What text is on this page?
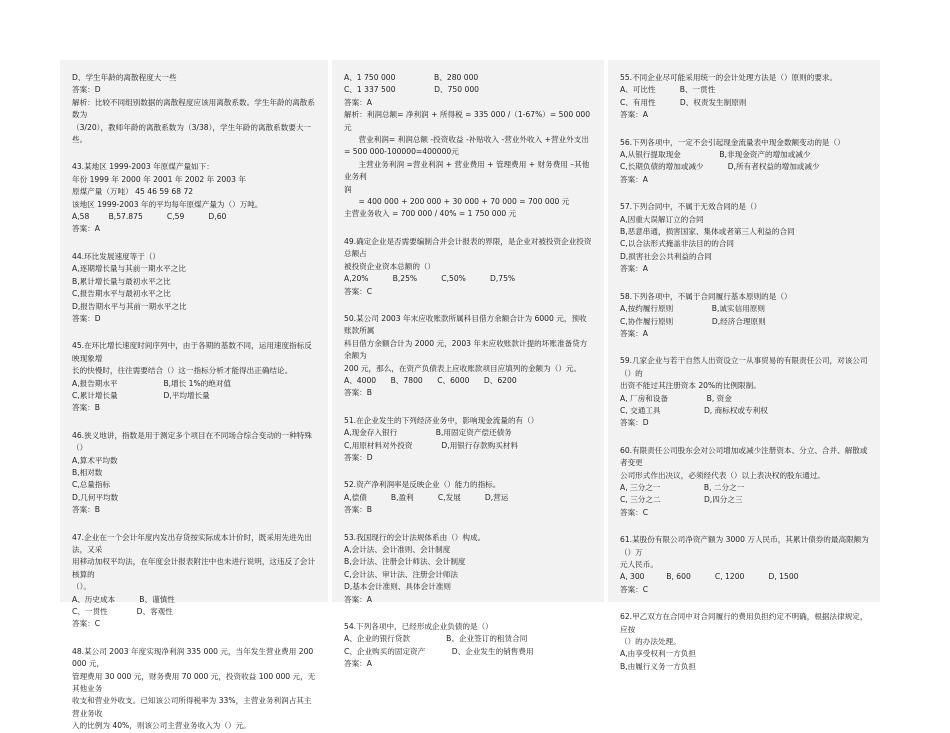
D、学生年龄的离散程度大一些
答案：D
解析：比较不同组别数据的离散程度应该用离散系数。学生年龄的离散系数为
（3/20），教师年龄的离散系数为（3/38），学生年龄的离散系数要大一些。
43.某地区 1999-2003 年原煤产量如下：
年份 1999 年 2000 年 2001 年 2002 年 2003 年
原煤产量（万吨） 45 46 59 68 72
该地区 1999-2003 年的平均每年原煤产量为（）万吨。
A,58        B,57.875          C,59          D,60
答案：A
44.环比发展速度等于（）
A,逐期增长量与其前一期水平之比
B,累计增长量与最初水平之比
C,报告期水平与最初水平之比
D,报告期水平与其前一期水平之比
答案：D
45.在环比增长速度时间序列中，由于各期的基数不同，运用速度指标反映现象增
长的快慢时，往往需要结合（）这一指标分析才能得出正确结论。
A,报告期水平                   B,增长 1%的绝对值
C,累计增长量                   D,平均增长量
答案：B
46.狭义地讲，指数是用于测定多个项目在不同场合综合变动的一种特殊（）
A,算术平均数
B,相对数
C,总量指标
D,几何平均数
答案：B
47.企业在一个会计年度内发出存货按实际成本计价时，既采用先进先出法，又采
用移动加权平均法，在年度会计报表附注中也未进行说明，这违反了会计核算的
（）。
A、历史成本          B、谨慎性
C、一贯性            D、客观性
答案：C
48.某公司 2003 年度实现净利润 335 000 元，当年发生营业费用 200 000 元，
管理费用 30 000 元，财务费用 70 000 元，投资收益 100 000 元，无其他业务
收支和营业外收支。已知该公司所得税率为 33%，主营业务利润占其主营业务收
入的比例为 40%，则该公司主营业务收入为（）元。
A、1 750 000                B、280 000
C、1 337 500                D、750 000
答案：A
解析：利润总额= 净利润 + 所得税 = 335 000 /（1-67%）= 500 000 元
营业利润= 利润总额 -投资收益 -补贴收入 -营业外收入 +营业外支出
= 500 000-100000=400000元
主营业务利润 =营业利润 + 营业费用 + 管理费用 + 财务费用 –其他业务利
润
= 400 000 + 200 000 + 30 000 + 70 000 = 700 000 元
主营业务收入 = 700 000 / 40% = 1 750 000 元
49.确定企业是否需要编制合并会计报表的界限，是企业对被投资企业投资总额占
被投资企业资本总额的（）
A,20%          B,25%          C,50%          D,75%
答案：C
50.某公司 2003 年末应收账款所属科目借方余额合计为 6000 元，预收账款所属
科目借方余额合计为 2000 元，2003 年末应收账款计提的坏账准备贷方余额为
200 元，那么，在资产负债表上应收账款项目应填列的金额为（）元。
A、4000      B、7800      C、6000      D、6200
答案：B
51.在企业发生的下列经济业务中，影响现金流量的有（）
A,现金存入银行                B,用固定资产偿还债务
C,用原材料对外投资            D,用银行存款购买材料
答案：D
52.资产净利润率是反映企业（）能力的指标。
A,偿债          B,盈利          C,发展          D,营运
答案：B
53.我国现行的会计法规体系由（）构成。
A,会计法、会计准则、会计制度
B,会计法、注册会计师法、会计制度
C,会计法、审计法、注册会计师法
D,基本会计准则、具体会计准则
答案：A
54.下列各项中，已经形成企业负债的是（）
A、企业的银行贷款               B、企业签订的租赁合同
C、企业购买的固定资产           D、企业发生的销售费用
答案：A
55.不同企业尽可能采用统一的会计处理方法是（）原则的要求。
A、可比性          B、一贯性
C、有用性          D、权责发生制原则
答案：A
56.下列各项中，一定不会引起现金流量表中现金数额变动的是（）
A,从银行提取现金                B,非现金资产的增加或减少
C,长期负债的增加或减少          D,所有者权益的增加或减少
答案：A
57.下列合同中，不属于无效合同的是（）
A,因重大误解订立的合同
B,恶意串通，损害国家、集体或者第三人利益的合同
C,以合法形式掩盖非法目的的合同
D,损害社会公共利益的合同
答案：A
58.下列各项中，不属于合同履行基本原则的是（）
A,按约履行原则                B,诚实信用原则
C,协作履行原则                D,经济合理原则
答案：A
59.几家企业与若干自然人出资设立一从事贸易的有限责任公司，对该公司（）的
出资不能过其注册资本 20%的比例限制。
A, 厂房和设备                B, 资金
C, 交通工具                  D, 商标权或专利权
答案：D
60.有限责任公司股东会对公司增加或减少注册资本、分立、合并、解散或者变更
公司形式作出决议，必须经代表（）以上表决权的股东通过。
A, 三分之一                  B, 二分之一
C, 三分之二                  D,四分之三
答案：C
61.某股份有限公司净资产额为 3000 万人民币，其累计债券的最高限额为（）万
元人民币。
A, 300         B, 600          C, 1200          D, 1500
答案：C
62.甲乙双方在合同中对合同履行的费用负担约定不明确，根据法律规定，应按
（）的办法处理。
A,由享受权利一方负担
B,由履行义务一方负担
